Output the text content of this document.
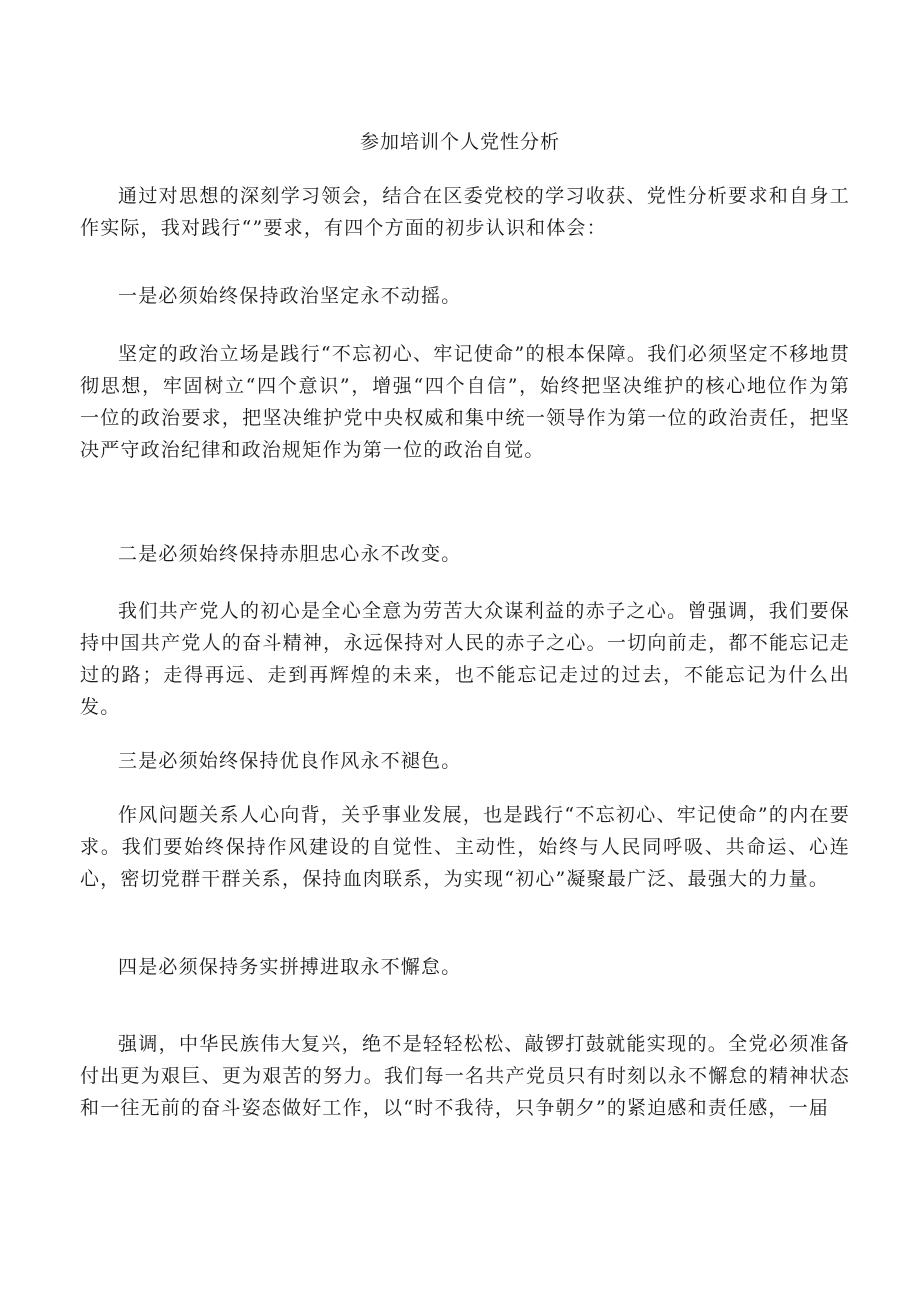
参加培训个人党性分析

通过对思想的深刻学习领会，结合在区委党校的学习收获、党性分析要求和自身工作实际，我对践行“”要求，有四个方面的初步认识和体会：

一是必须始终保持政治坚定永不动摇。

坚定的政治立场是践行“不忘初心、牢记使命”的根本保障。我们必须坚定不移地贯彻思想，牢固树立“四个意识”，增强“四个自信”，始终把坚决维护的核心地位作为第一位的政治要求，把坚决维护党中央权威和集中统一领导作为第一位的政治责任，把坚决严守政治纪律和政治规矩作为第一位的政治自觉。

二是必须始终保持赤胆忠心永不改变。

我们共产党人的初心是全心全意为劳苦大众谋利益的赤子之心。曾强调，我们要保持中国共产党人的奋斗精神，永远保持对人民的赤子之心。一切向前走，都不能忘记走过的路；走得再远、走到再辉煌的未来，也不能忘记走过的过去，不能忘记为什么出发。

三是必须始终保持优良作风永不褪色。

作风问题关系人心向背，关乎事业发展，也是践行“不忘初心、牢记使命”的内在要求。我们要始终保持作风建设的自觉性、主动性，始终与人民同呼吸、共命运、心连心，密切党群干群关系，保持血肉联系，为实现“初心”凝聚最广泛、最强大的力量。

四是必须保持务实拼搏进取永不懈怠。

强调，中华民族伟大复兴，绝不是轻轻松松、敲锣打鼓就能实现的。全党必须准备付出更为艰巨、更为艰苦的努力。我们每一名共产党员只有时刻以永不懈怠的精神状态和一往无前的奋斗姿态做好工作，以“时不我待，只争朝夕”的紧迫感和责任感，一届
